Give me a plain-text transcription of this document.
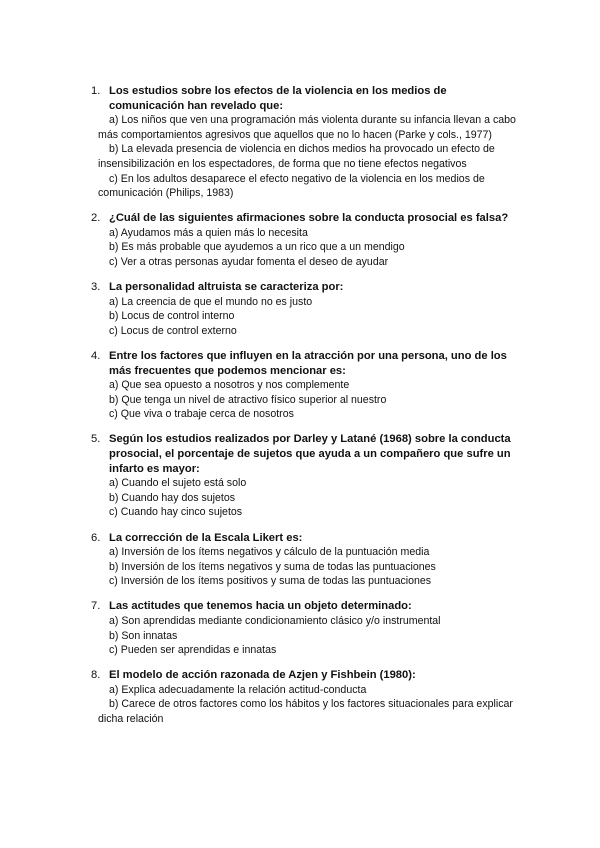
1. Los estudios sobre los efectos de la violencia en los medios de comunicación han revelado que:
a) Los niños que ven una programación más violenta durante su infancia llevan a cabo más comportamientos agresivos que aquellos que no lo hacen (Parke y cols., 1977)
b) La elevada presencia de violencia en dichos medios ha provocado un efecto de insensibilización en los espectadores, de forma que no tiene efectos negativos
c) En los adultos desaparece el efecto negativo de la violencia en los medios de comunicación (Philips, 1983)
2. ¿Cuál de las siguientes afirmaciones sobre la conducta prosocial es falsa?
a) Ayudamos más a quien más lo necesita
b) Es más probable que ayudemos a un rico que a un mendigo
c) Ver a otras personas ayudar fomenta el deseo de ayudar
3. La personalidad altruista se caracteriza por:
a) La creencia de que el mundo no es justo
b) Locus de control interno
c) Locus de control externo
4. Entre los factores que influyen en la atracción por una persona, uno de los más frecuentes que podemos mencionar es:
a) Que sea opuesto a nosotros y nos complemente
b) Que tenga un nivel de atractivo físico superior al nuestro
c) Que viva o trabaje cerca de nosotros
5. Según los estudios realizados por Darley y Latané (1968) sobre la conducta prosocial, el porcentaje de sujetos que ayuda a un compañero que sufre un infarto es mayor:
a) Cuando el sujeto está solo
b) Cuando hay dos sujetos
c) Cuando hay cinco sujetos
6. La corrección de la Escala Likert es:
a) Inversión de los ítems negativos y cálculo de la puntuación media
b) Inversión de los ítems negativos y suma de todas las puntuaciones
c) Inversión de los ítems positivos y suma de todas las puntuaciones
7. Las actitudes que tenemos hacia un objeto determinado:
a) Son aprendidas mediante condicionamiento clásico y/o instrumental
b) Son innatas
c) Pueden ser aprendidas e innatas
8. El modelo de acción razonada de Azjen y Fishbein (1980):
a) Explica adecuadamente la relación actitud-conducta
b) Carece de otros factores como los hábitos y los factores situacionales para explicar dicha relación
